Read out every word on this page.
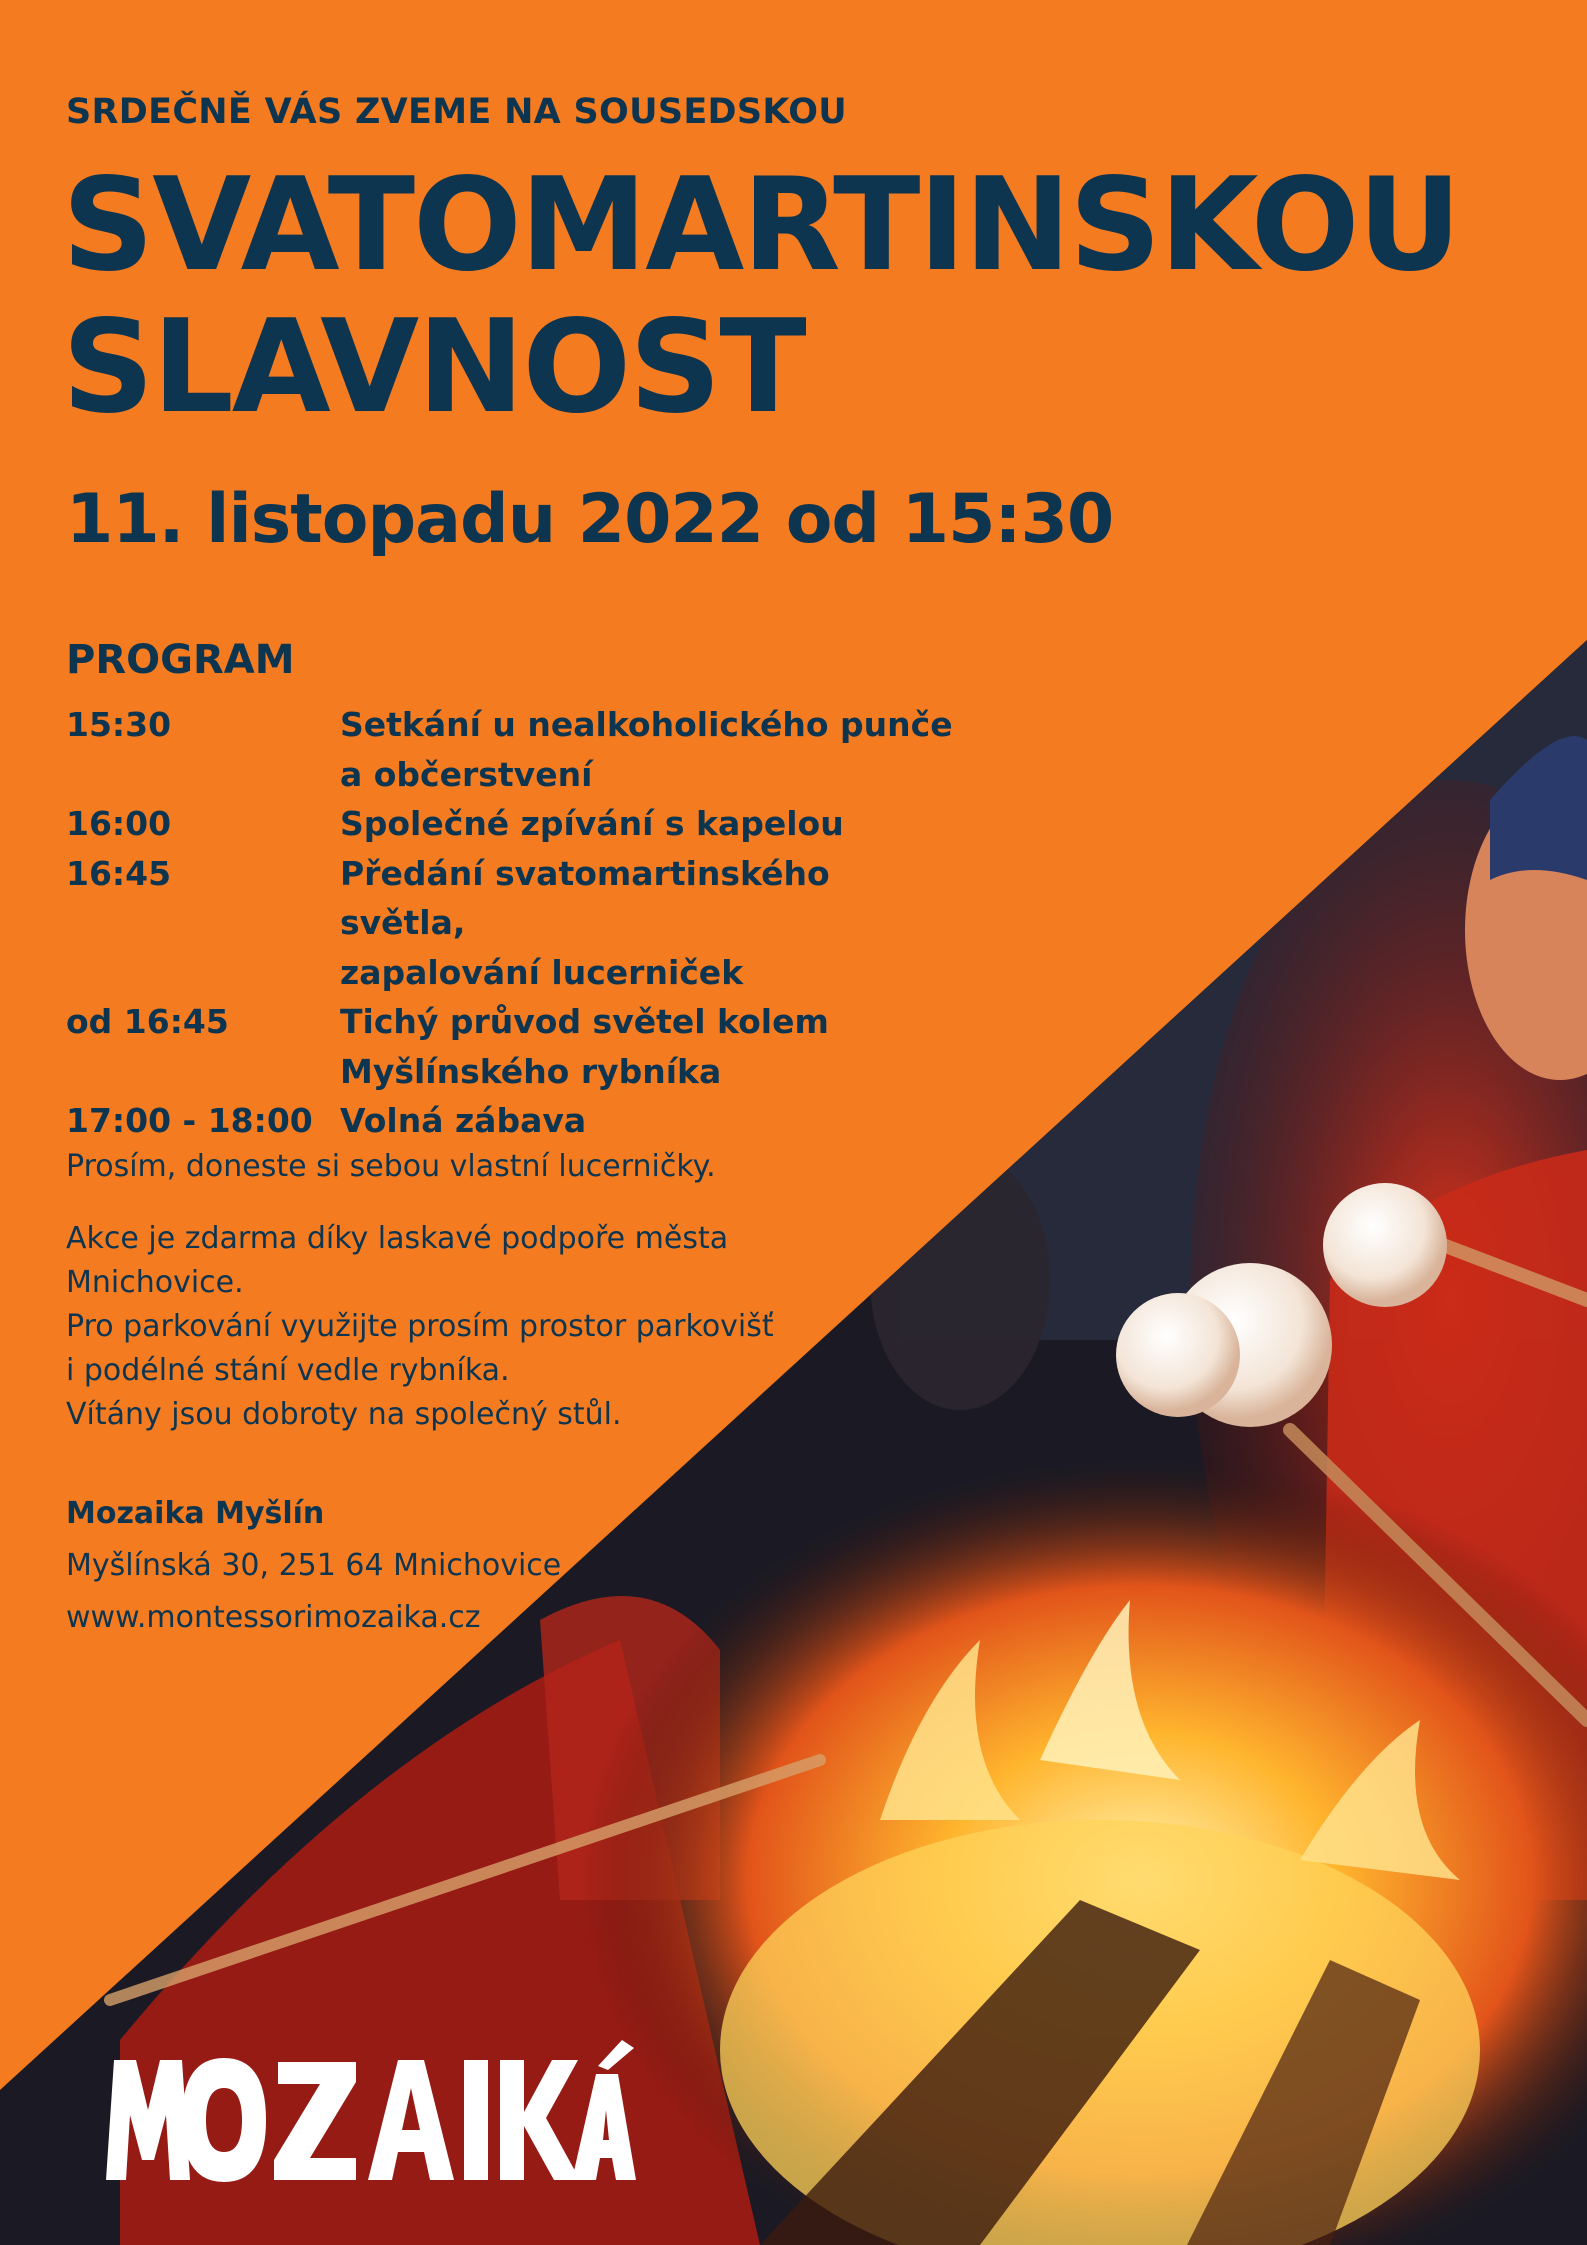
SRDEČNĚ VÁS ZVEME NA SOUSEDSKOU
SVATOMARTINSKOU
SLAVNOST
11. listopadu 2022 od 15:30
PROGRAM
15:30	Setkání u nealkoholického punče
a občerstvení
16:00	Společné zpívání s kapelou
16:45	Předání svatomartinského světla,
zapalování lucerniček
od 16:45	Tichý průvod světel kolem
Myšlínského rybníka
17:00 - 18:00 Volná zábava

Prosím, doneste si sebou vlastní lucerničky.

Akce je zdarma díky laskavé podpoře města
Mnichovice.
Pro parkování využijte prosím prostor parkovišť
i podélné stání vedle rybníka.
Vítány jsou dobroty na společný stůl.

Mozaika Myšlín
Myšlínská 30, 251 64 Mnichovice
www.montessorimozaika.cz
